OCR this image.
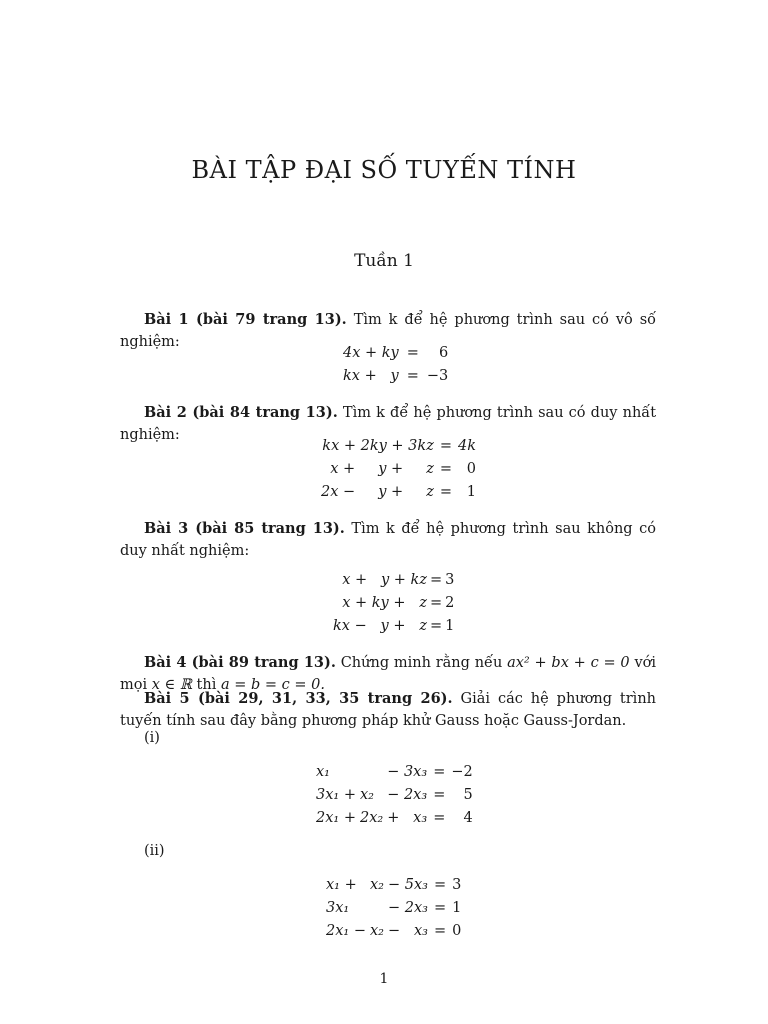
BÀI TẬP ĐẠI SỐ TUYẾN TÍNH
Tuần 1
Bài 1 (bài 79 trang 13). Tìm k để hệ phương trình sau có vô số nghiệm:
4x + ky	=	6
kx +   y	=	−3
Bài 2 (bài 84 trang 13). Tìm k để hệ phương trình sau có duy nhất nghiệm:
kx + 2ky + 3kz	=	4k
x +     y +     z	=	0
2x −     y +     z	=	1
Bài 3 (bài 85 trang 13). Tìm k để hệ phương trình sau không có duy nhất nghiệm:
x +   y + kz	=	3
x + ky +   z	=	2
kx −   y +   z	=	1
Bài 4 (bài 89 trang 13). Chứng minh rằng nếu ax² + bx + c = 0 với mọi x ∈ ℝ thì a = b = c = 0.
Bài 5 (bài 29, 31, 33, 35 trang 26). Giải các hệ phương trình tuyến tính sau đây bằng phương pháp khử Gauss hoặc Gauss-Jordan.
(i)
x₁		− 3x₃	=	−2
3x₁ +	x₂	− 2x₃	=	5
2x₁ +	2x₂	+   x₃	=	4
(ii)
x₁ +	x₂	− 5x₃	=	3
3x₁		− 2x₃	=	1
2x₁ −	x₂	−   x₃	=	0
1
